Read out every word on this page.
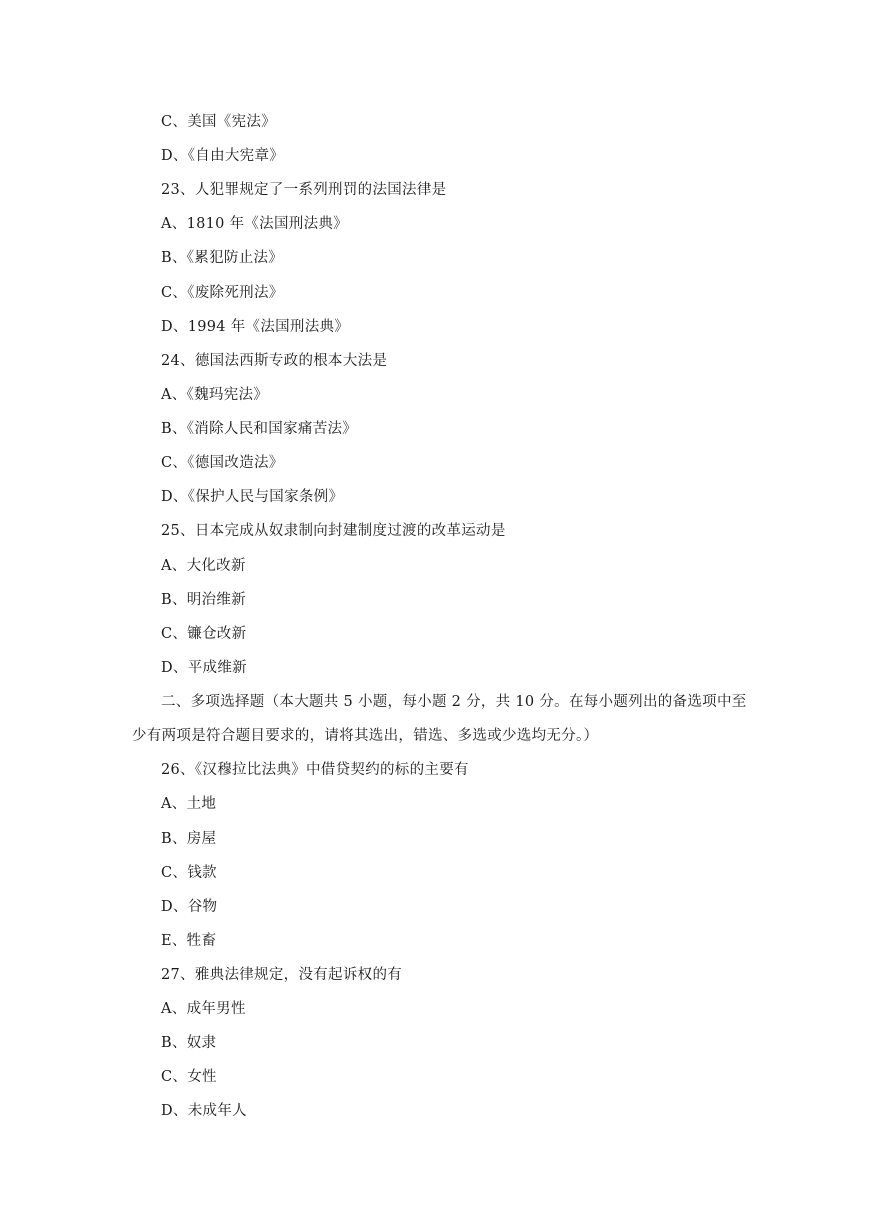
C、美国《宪法》
D、《自由大宪章》
23、人犯罪规定了一系列刑罚的法国法律是
A、1810 年《法国刑法典》
B、《累犯防止法》
C、《废除死刑法》
D、1994 年《法国刑法典》
24、德国法西斯专政的根本大法是
A、《魏玛宪法》
B、《消除人民和国家痛苦法》
C、《德国改造法》
D、《保护人民与国家条例》
25、日本完成从奴隶制向封建制度过渡的改革运动是
A、大化改新
B、明治维新
C、镰仓改新
D、平成维新
二、多项选择题（本大题共 5 小题，每小题 2 分，共 10 分。在每小题列出的备选项中至
少有两项是符合题目要求的，请将其选出，错选、多选或少选均无分。）
26、《汉穆拉比法典》中借贷契约的标的主要有
A、土地
B、房屋
C、钱款
D、谷物
E、牲畜
27、雅典法律规定，没有起诉权的有
A、成年男性
B、奴隶
C、女性
D、未成年人
